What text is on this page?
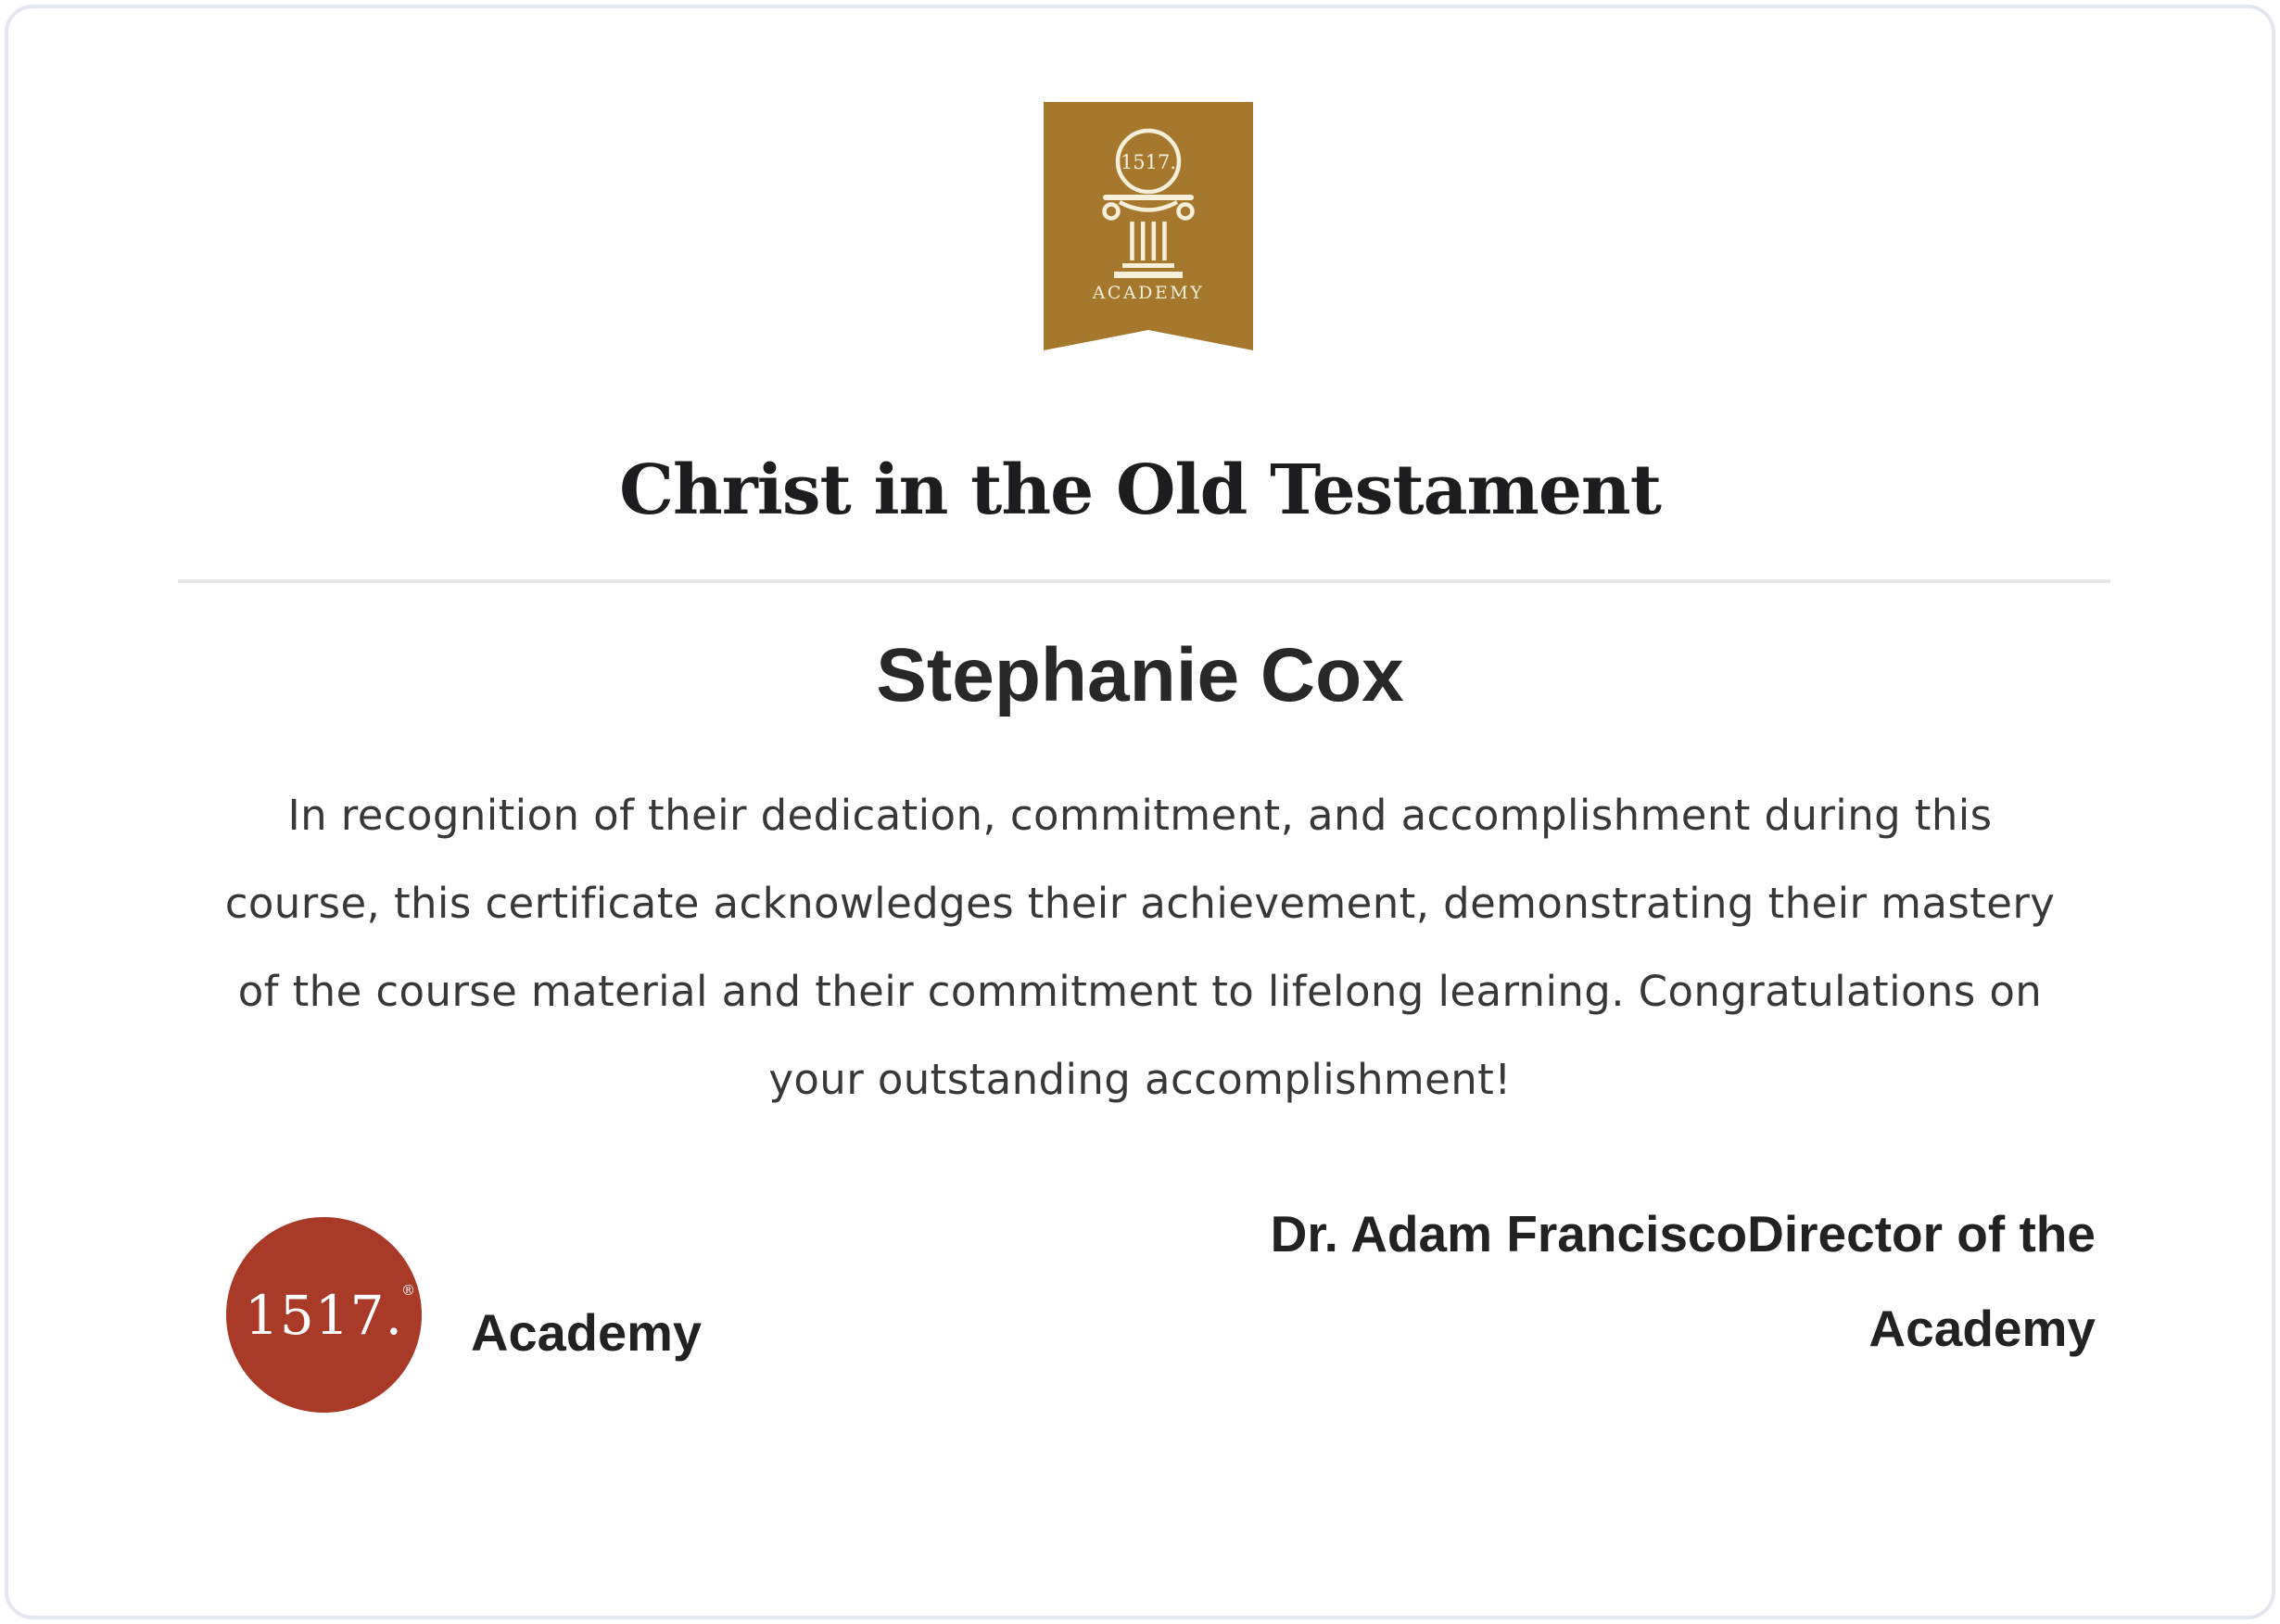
1517.
ACADEMY
Christ in the Old Testament
Stephanie Cox
In recognition of their dedication, commitment, and accomplishment during this
course, this certificate acknowledges their achievement, demonstrating their mastery
of the course material and their commitment to lifelong learning. Congratulations on
your outstanding accomplishment!
1517.
®
Academy
Dr. Adam FranciscoDirector of the
Academy
